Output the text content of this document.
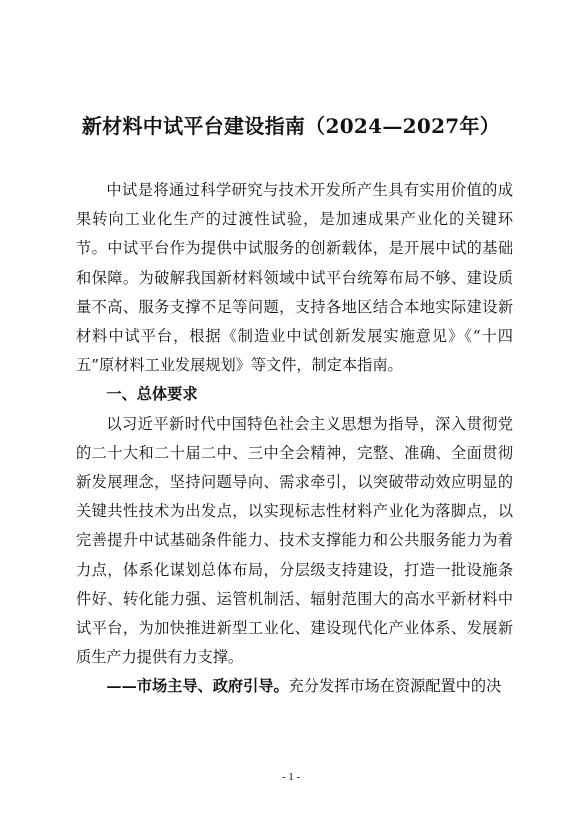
新材料中试平台建设指南（2024—2027年）

中试是将通过科学研究与技术开发所产生具有实用价值的成果转向工业化生产的过渡性试验，是加速成果产业化的关键环节。中试平台作为提供中试服务的创新载体，是开展中试的基础和保障。为破解我国新材料领域中试平台统筹布局不够、建设质量不高、服务支撑不足等问题，支持各地区结合本地实际建设新材料中试平台，根据《制造业中试创新发展实施意见》《“十四五”原材料工业发展规划》等文件，制定本指南。

一、总体要求

以习近平新时代中国特色社会主义思想为指导，深入贯彻党的二十大和二十届二中、三中全会精神，完整、准确、全面贯彻新发展理念，坚持问题导向、需求牵引，以突破带动效应明显的关键共性技术为出发点，以实现标志性材料产业化为落脚点，以完善提升中试基础条件能力、技术支撑能力和公共服务能力为着力点，体系化谋划总体布局，分层级支持建设，打造一批设施条件好、转化能力强、运管机制活、辐射范围大的高水平新材料中试平台，为加快推进新型工业化、建设现代化产业体系、发展新质生产力提供有力支撑。

——市场主导、政府引导。充分发挥市场在资源配置中的决

- 1 -
